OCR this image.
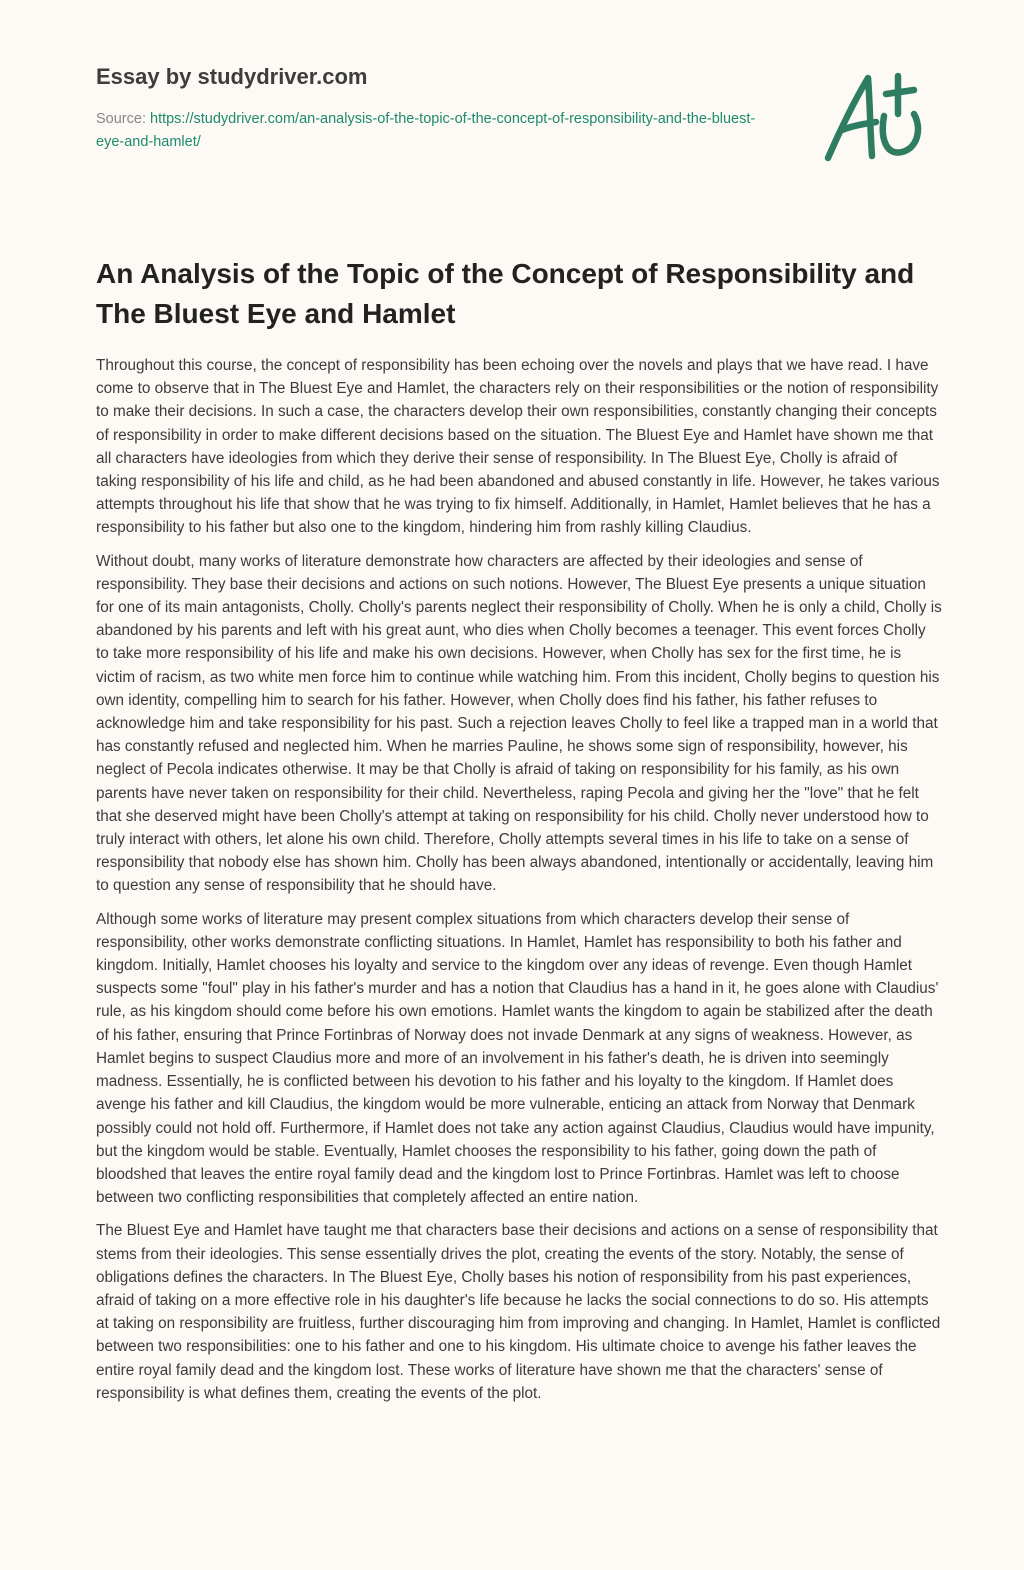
Essay by studydriver.com
Source: https://studydriver.com/an-analysis-of-the-topic-of-the-concept-of-responsibility-and-the-bluest-eye-and-hamlet/
An Analysis of the Topic of the Concept of Responsibility and The Bluest Eye and Hamlet

Throughout this course, the concept of responsibility has been echoing over the novels and plays that we have read. I have come to observe that in The Bluest Eye and Hamlet, the characters rely on their responsibilities or the notion of responsibility to make their decisions. In such a case, the characters develop their own responsibilities, constantly changing their concepts of responsibility in order to make different decisions based on the situation. The Bluest Eye and Hamlet have shown me that all characters have ideologies from which they derive their sense of responsibility. In The Bluest Eye, Cholly is afraid of taking responsibility of his life and child, as he had been abandoned and abused constantly in life. However, he takes various attempts throughout his life that show that he was trying to fix himself. Additionally, in Hamlet, Hamlet believes that he has a responsibility to his father but also one to the kingdom, hindering him from rashly killing Claudius.

Without doubt, many works of literature demonstrate how characters are affected by their ideologies and sense of responsibility. They base their decisions and actions on such notions. However, The Bluest Eye presents a unique situation for one of its main antagonists, Cholly. Cholly's parents neglect their responsibility of Cholly. When he is only a child, Cholly is abandoned by his parents and left with his great aunt, who dies when Cholly becomes a teenager. This event forces Cholly to take more responsibility of his life and make his own decisions. However, when Cholly has sex for the first time, he is victim of racism, as two white men force him to continue while watching him. From this incident, Cholly begins to question his own identity, compelling him to search for his father. However, when Cholly does find his father, his father refuses to acknowledge him and take responsibility for his past. Such a rejection leaves Cholly to feel like a trapped man in a world that has constantly refused and neglected him. When he marries Pauline, he shows some sign of responsibility, however, his neglect of Pecola indicates otherwise. It may be that Cholly is afraid of taking on responsibility for his family, as his own parents have never taken on responsibility for their child. Nevertheless, raping Pecola and giving her the "love" that he felt that she deserved might have been Cholly's attempt at taking on responsibility for his child. Cholly never understood how to truly interact with others, let alone his own child. Therefore, Cholly attempts several times in his life to take on a sense of responsibility that nobody else has shown him. Cholly has been always abandoned, intentionally or accidentally, leaving him to question any sense of responsibility that he should have.

Although some works of literature may present complex situations from which characters develop their sense of responsibility, other works demonstrate conflicting situations. In Hamlet, Hamlet has responsibility to both his father and kingdom. Initially, Hamlet chooses his loyalty and service to the kingdom over any ideas of revenge. Even though Hamlet suspects some "foul" play in his father's murder and has a notion that Claudius has a hand in it, he goes alone with Claudius' rule, as his kingdom should come before his own emotions. Hamlet wants the kingdom to again be stabilized after the death of his father, ensuring that Prince Fortinbras of Norway does not invade Denmark at any signs of weakness. However, as Hamlet begins to suspect Claudius more and more of an involvement in his father's death, he is driven into seemingly madness. Essentially, he is conflicted between his devotion to his father and his loyalty to the kingdom. If Hamlet does avenge his father and kill Claudius, the kingdom would be more vulnerable, enticing an attack from Norway that Denmark possibly could not hold off. Furthermore, if Hamlet does not take any action against Claudius, Claudius would have impunity, but the kingdom would be stable. Eventually, Hamlet chooses the responsibility to his father, going down the path of bloodshed that leaves the entire royal family dead and the kingdom lost to Prince Fortinbras. Hamlet was left to choose between two conflicting responsibilities that completely affected an entire nation.

The Bluest Eye and Hamlet have taught me that characters base their decisions and actions on a sense of responsibility that stems from their ideologies. This sense essentially drives the plot, creating the events of the story. Notably, the sense of obligations defines the characters. In The Bluest Eye, Cholly bases his notion of responsibility from his past experiences, afraid of taking on a more effective role in his daughter's life because he lacks the social connections to do so. His attempts at taking on responsibility are fruitless, further discouraging him from improving and changing. In Hamlet, Hamlet is conflicted between two responsibilities: one to his father and one to his kingdom. His ultimate choice to avenge his father leaves the entire royal family dead and the kingdom lost. These works of literature have shown me that the characters' sense of responsibility is what defines them, creating the events of the plot.
